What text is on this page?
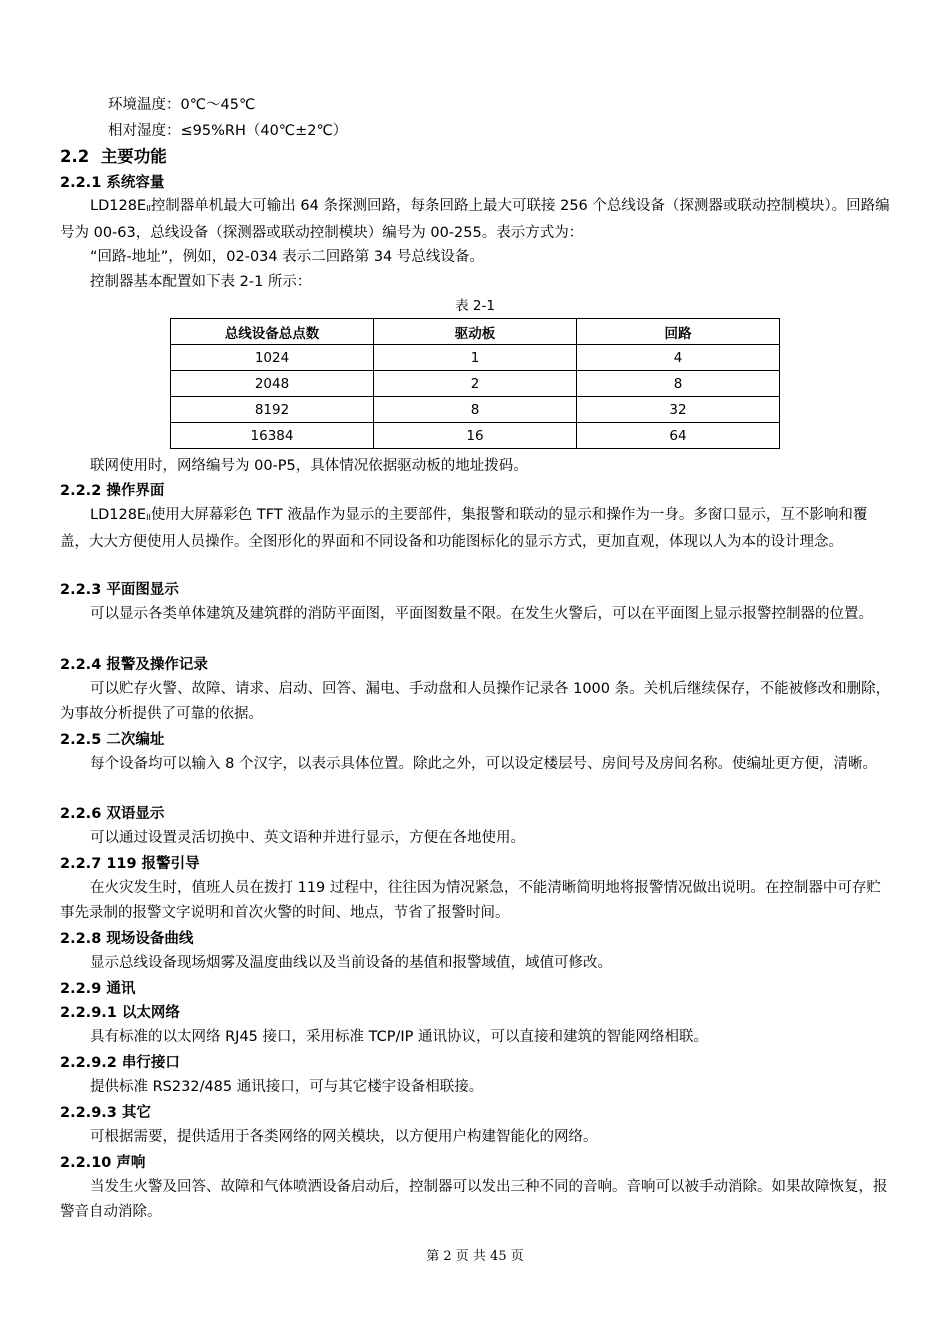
环境温度：0℃～45℃

相对湿度：≤95%RH（40℃±2℃）

2.2 主要功能
2.2.1 系统容量

LD128EII控制器单机最大可输出 64 条探测回路，每条回路上最大可联接 256 个总线设备（探测器或联动控制模块）。回路编号为 00-63，总线设备（探测器或联动控制模块）编号为 00-255。表示方式为：

“回路-地址”，例如，02-034 表示二回路第 34 号总线设备。

控制器基本配置如下表 2-1 所示：

表 2-1
总线设备总点数	驱动板	回路
1024	1	4
2048	2	8
8192	8	32
16384	16	64

联网使用时，网络编号为 00-P5，具体情况依据驱动板的地址拨码。

2.2.2 操作界面

LD128EII使用大屏幕彩色 TFT 液晶作为显示的主要部件，集报警和联动的显示和操作为一身。多窗口显示，互不影响和覆盖，大大方便使用人员操作。全图形化的界面和不同设备和功能图标化的显示方式，更加直观，体现以人为本的设计理念。

2.2.3 平面图显示

可以显示各类单体建筑及建筑群的消防平面图，平面图数量不限。在发生火警后，可以在平面图上显示报警控制器的位置。

2.2.4 报警及操作记录

可以贮存火警、故障、请求、启动、回答、漏电、手动盘和人员操作记录各 1000 条。关机后继续保存，不能被修改和删除，为事故分析提供了可靠的依据。

2.2.5 二次编址

每个设备均可以输入 8 个汉字，以表示具体位置。除此之外，可以设定楼层号、房间号及房间名称。使编址更方便，清晰。

2.2.6 双语显示

可以通过设置灵活切换中、英文语种并进行显示，方便在各地使用。

2.2.7 119 报警引导

在火灾发生时，值班人员在拨打 119 过程中，往往因为情况紧急，不能清晰简明地将报警情况做出说明。在控制器中可存贮事先录制的报警文字说明和首次火警的时间、地点，节省了报警时间。

2.2.8 现场设备曲线

显示总线设备现场烟雾及温度曲线以及当前设备的基值和报警域值，域值可修改。

2.2.9 通讯
2.2.9.1 以太网络

具有标准的以太网络 RJ45 接口，采用标准 TCP/IP 通讯协议，可以直接和建筑的智能网络相联。

2.2.9.2 串行接口

提供标准 RS232/485 通讯接口，可与其它楼宇设备相联接。

2.2.9.3 其它

可根据需要，提供适用于各类网络的网关模块，以方便用户构建智能化的网络。

2.2.10 声响

当发生火警及回答、故障和气体喷洒设备启动后，控制器可以发出三种不同的音响。音响可以被手动消除。如果故障恢复，报警音自动消除。

第 2 页 共 45 页
